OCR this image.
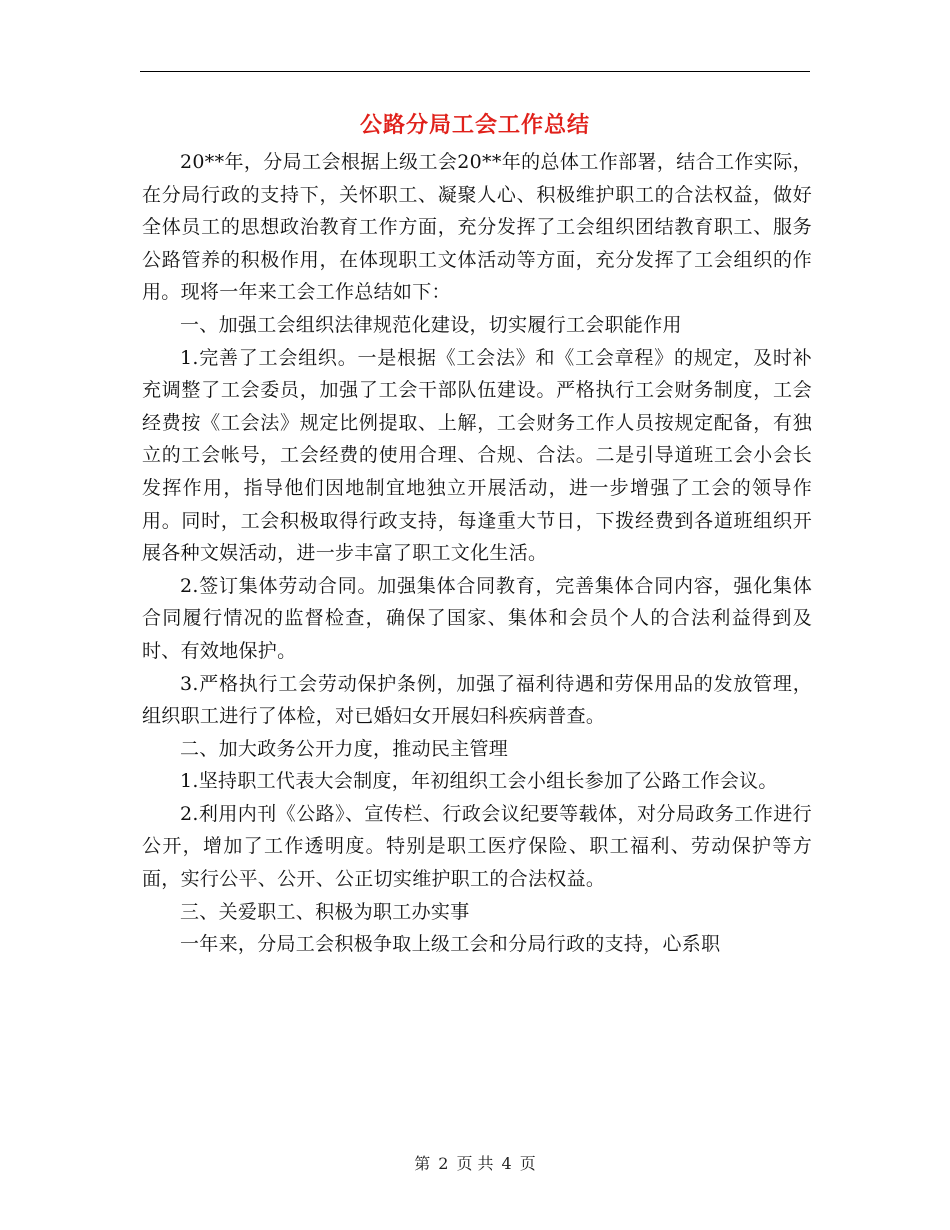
公路分局工会工作总结

20**年，分局工会根据上级工会20**年的总体工作部署，结合工作实际，在分局行政的支持下，关怀职工、凝聚人心、积极维护职工的合法权益，做好全体员工的思想政治教育工作方面，充分发挥了工会组织团结教育职工、服务公路管养的积极作用，在体现职工文体活动等方面，充分发挥了工会组织的作用。现将一年来工会工作总结如下：

一、加强工会组织法律规范化建设，切实履行工会职能作用

1.完善了工会组织。一是根据《工会法》和《工会章程》的规定，及时补充调整了工会委员，加强了工会干部队伍建设。严格执行工会财务制度，工会经费按《工会法》规定比例提取、上解，工会财务工作人员按规定配备，有独立的工会帐号，工会经费的使用合理、合规、合法。二是引导道班工会小会长发挥作用，指导他们因地制宜地独立开展活动，进一步增强了工会的领导作用。同时，工会积极取得行政支持，每逢重大节日，下拨经费到各道班组织开展各种文娱活动，进一步丰富了职工文化生活。

2.签订集体劳动合同。加强集体合同教育，完善集体合同内容，强化集体合同履行情况的监督检查，确保了国家、集体和会员个人的合法利益得到及时、有效地保护。

3.严格执行工会劳动保护条例，加强了福利待遇和劳保用品的发放管理，组织职工进行了体检，对已婚妇女开展妇科疾病普查。

二、加大政务公开力度，推动民主管理

1.坚持职工代表大会制度，年初组织工会小组长参加了公路工作会议。

2.利用内刊《公路》、宣传栏、行政会议纪要等载体，对分局政务工作进行公开，增加了工作透明度。特别是职工医疗保险、职工福利、劳动保护等方面，实行公平、公开、公正切实维护职工的合法权益。

三、关爱职工、积极为职工办实事

一年来，分局工会积极争取上级工会和分局行政的支持，心系职

第 2 页 共 4 页
